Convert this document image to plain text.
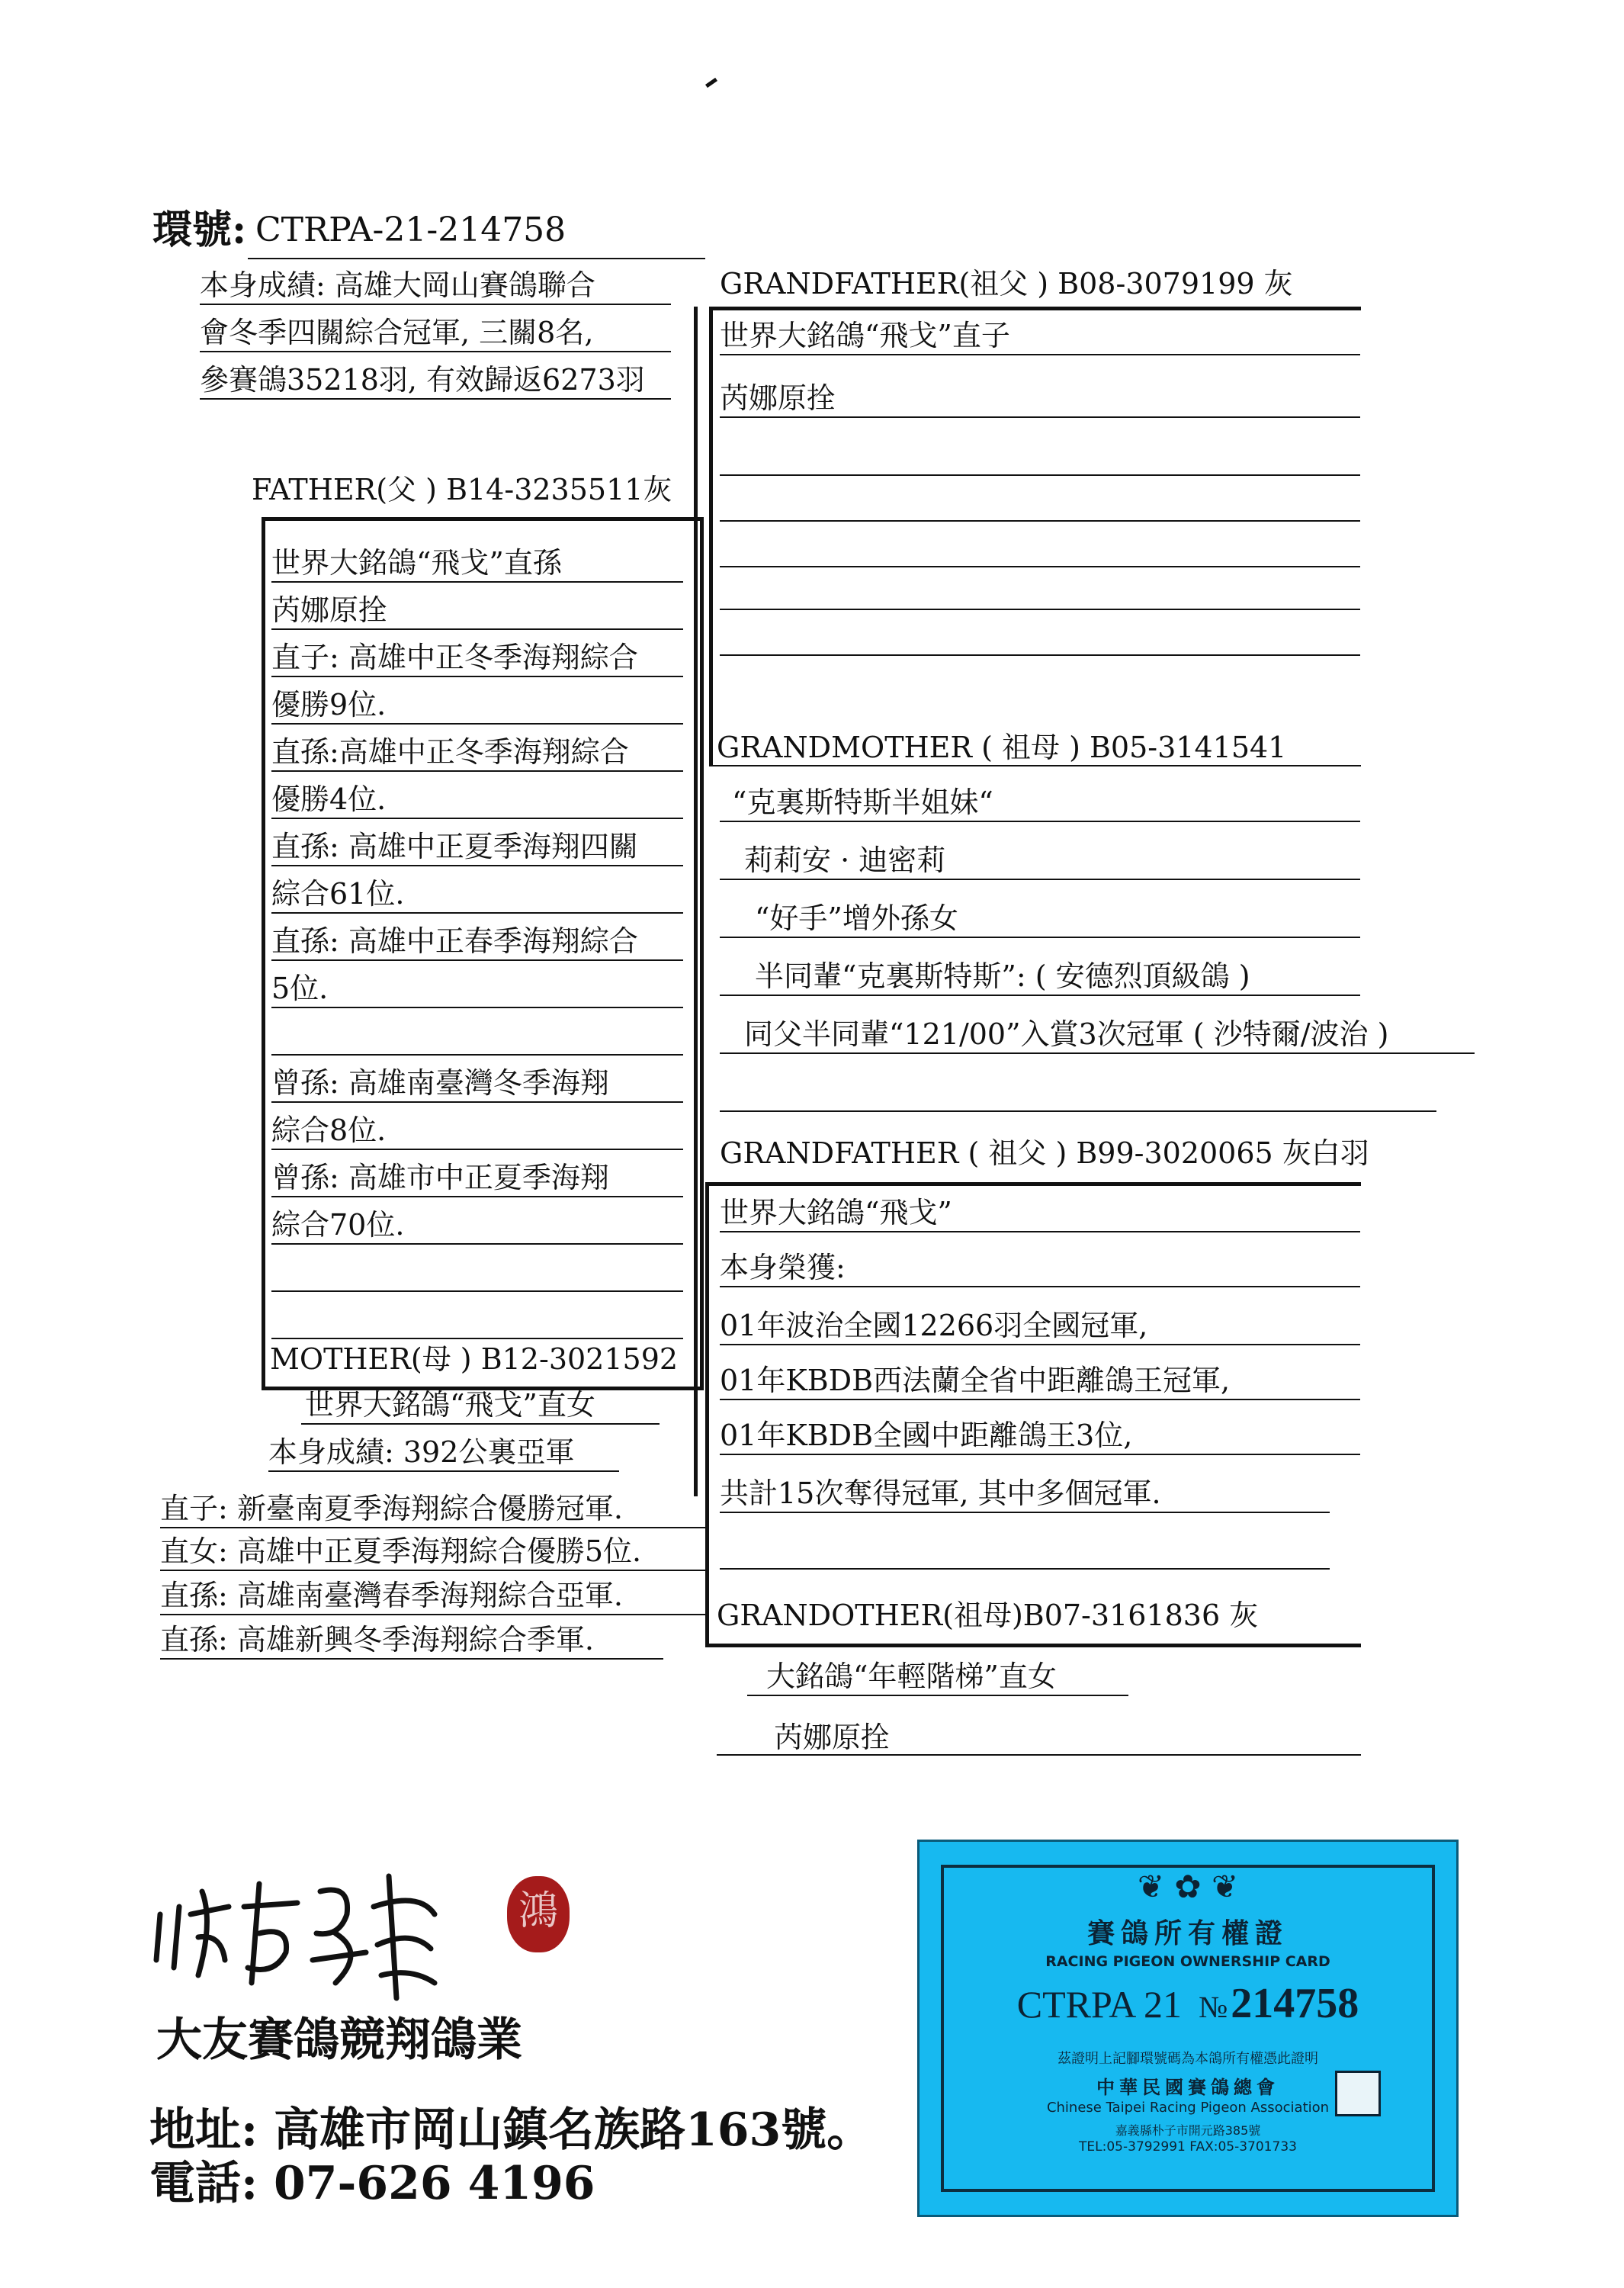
環號: CTRPA-21-214758
本身成績: 高雄大岡山賽鴿聯合
會冬季四關綜合冠軍, 三關8名,
參賽鴿35218羽, 有效歸返6273羽
FATHER(父 ) B14-3235511灰
世界大銘鴿“飛戈”直孫
芮娜原拴
直子: 高雄中正冬季海翔綜合
優勝9位.
直孫:高雄中正冬季海翔綜合
優勝4位.
直孫: 高雄中正夏季海翔四關
綜合61位.
直孫: 高雄中正春季海翔綜合
5位.
曾孫: 高雄南臺灣冬季海翔
綜合8位.
曾孫: 高雄市中正夏季海翔
綜合70位.
MOTHER(母 ) B12-3021592
世界大銘鴿“飛戈”直女
本身成績: 392公裏亞軍
直子: 新臺南夏季海翔綜合優勝冠軍.
直女: 高雄中正夏季海翔綜合優勝5位.
直孫: 高雄南臺灣春季海翔綜合亞軍.
直孫: 高雄新興冬季海翔綜合季軍.
GRANDFATHER(祖父 ) B08-3079199 灰
世界大銘鴿“飛戈”直子
芮娜原拴
GRANDMOTHER ( 祖母 ) B05-3141541
“克裏斯特斯半姐妹“
莉莉安 · 迪密莉
“好手”增外孫女
半同輩“克裏斯特斯”: ( 安德烈頂級鴿 )
同父半同輩“121/00”入賞3次冠軍 ( 沙特爾/波治 )
GRANDFATHER ( 祖父 ) B99-3020065 灰白羽
世界大銘鴿“飛戈”
本身榮獲:
01年波治全國12266羽全國冠軍,
01年KBDB西法蘭全省中距離鴿王冠軍,
01年KBDB全國中距離鴿王3位,
共計15次奪得冠軍, 其中多個冠軍.
GRANDOTHER(祖母)B07-3161836 灰
大銘鴿“年輕階梯”直女
芮娜原拴
鴻
大友賽鴿競翔鴿業
地址: 高雄市岡山鎮名族路163號。
電話: 07-626 4196
❦ ✿ ❦
賽鴿所有權證
RACING PIGEON OWNERSHIP CARD
CTRPA 21 № 214758
茲證明上記腳環號碼為本鴿所有權憑此證明
中華民國賽鴿總會
Chinese Taipei Racing Pigeon Association
嘉義縣朴子市開元路385號
TEL:05-3792991 FAX:05-3701733
